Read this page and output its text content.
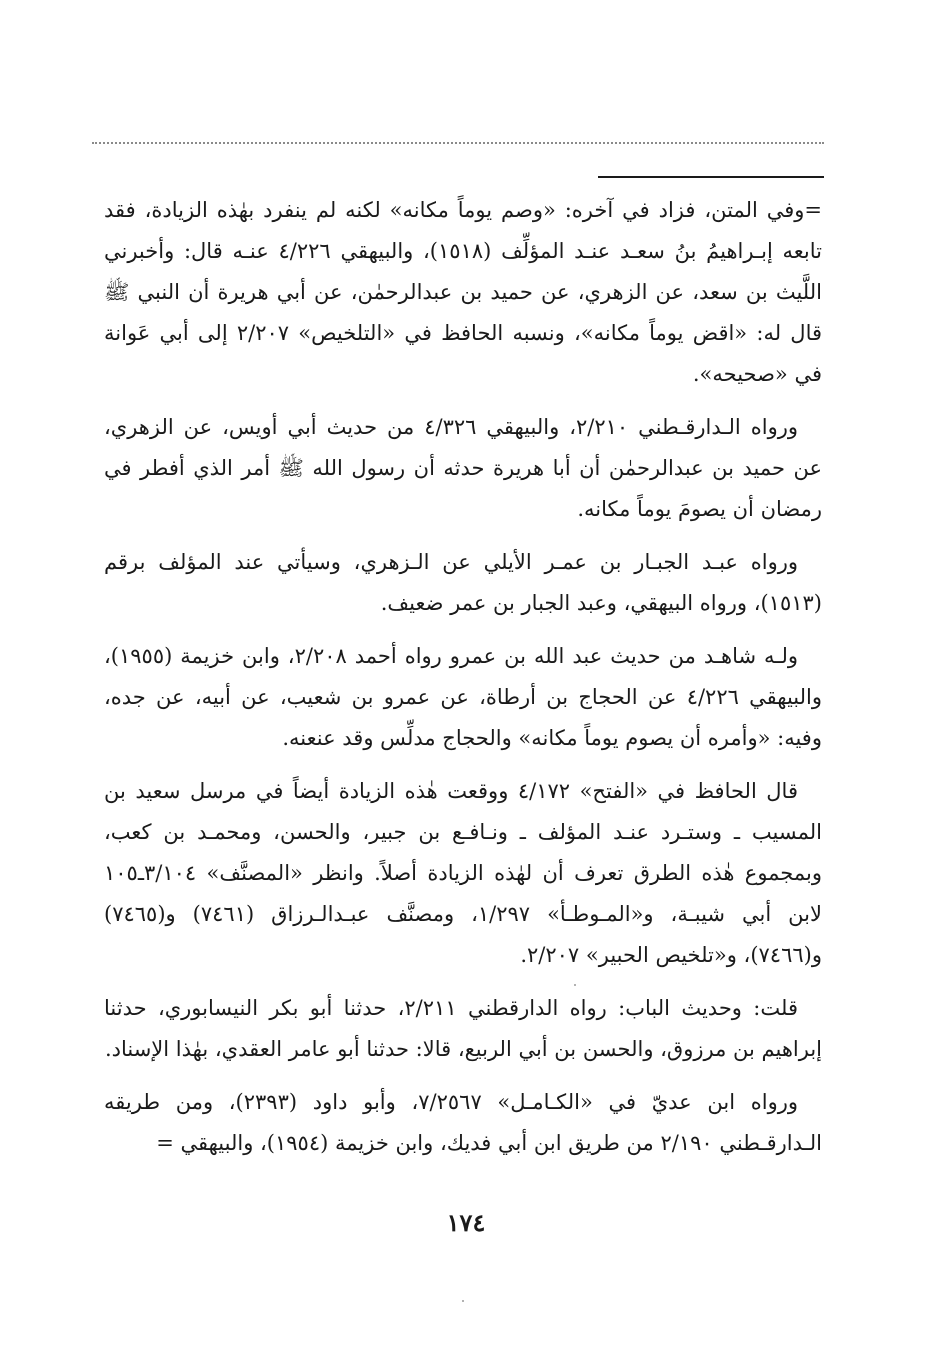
=وفي المتن، فزاد في آخره: «وصم يوماً مكانه» لكنه لم ينفرد بهٰذه الزيادة، فقد تابعه إبـراهيمُ بنُ سعـد عنـد المؤلِّف (١٥١٨)، والبيهقي ٤/٢٢٦ عنـه قال: وأخبرني اللَّيث بن سعد، عن الزهري، عن حميد بن عبدالرحمٰن، عن أبي هريرة أن النبي ﷺ قال له: «اقض يوماً مكانه»، ونسبه الحافظ في «التلخيص» ٢/٢٠٧ إلى أبي عَوانة في «صحيحه».

ورواه الـدارقـطني ٢/٢١٠، والبيهقي ٤/٣٢٦ من حديث أبي أويس، عن الزهري، عن حميد بن عبدالرحمٰن أن أبا هريرة حدثه أن رسول الله ﷺ أمر الذي أفطر في رمضان أن يصومَ يوماً مكانه.

ورواه عبـد الجبـار بن عمـر الأيلي عن الـزهري، وسيأتي عند المؤلف برقم (١٥١٣)، ورواه البيهقي، وعبد الجبار بن عمر ضعيف.

ولـه شاهـد من حديث عبد الله بن عمرو رواه أحمد ٢/٢٠٨، وابن خزيمة (١٩٥٥)، والبيهقي ٤/٢٢٦ عن الحجاج بن أرطاة، عن عمرو بن شعيب، عن أبيه، عن جده، وفيه: «وأمره أن يصوم يوماً مكانه» والحجاج مدلِّس وقد عنعنه.

قال الحافظ في «الفتح» ٤/١٧٢ ووقعت هٰذه الزيادة أيضاً في مرسل سعيد بن المسيب ـ وستـرد عنـد المؤلف ـ ونـافـع بن جبير، والحسن، ومحمـد بن كعب، وبمجموع هٰذه الطرق تعرف أن لهٰذه الزيادة أصلاً. وانظر «المصنَّف» ٣/١٠٤ـ١٠٥ لابن أبي شيبـة، و«المـوطـأ» ١/٢٩٧، ومصنَّف عبـدالـرزاق (٧٤٦١) و(٧٤٦٥) و(٧٤٦٦)، و«تلخيص الحبير» ٢/٢٠٧.

قلت: وحديث الباب: رواه الدارقطني ٢/٢١١، حدثنا أبو بكر النيسابوري، حدثنا إبراهيم بن مرزوق، والحسن بن أبي الربيع، قالا: حدثنا أبو عامر العقدي، بهٰذا الإسناد.

ورواه ابن عديّ في «الكـامـل» ٧/٢٥٦٧، وأبو داود (٢٣٩٣)، ومن طريقه الـدارقـطني ٢/١٩٠ من طريق ابن أبي فديك، وابن خزيمة (١٩٥٤)، والبيهقي =

١٧٤
